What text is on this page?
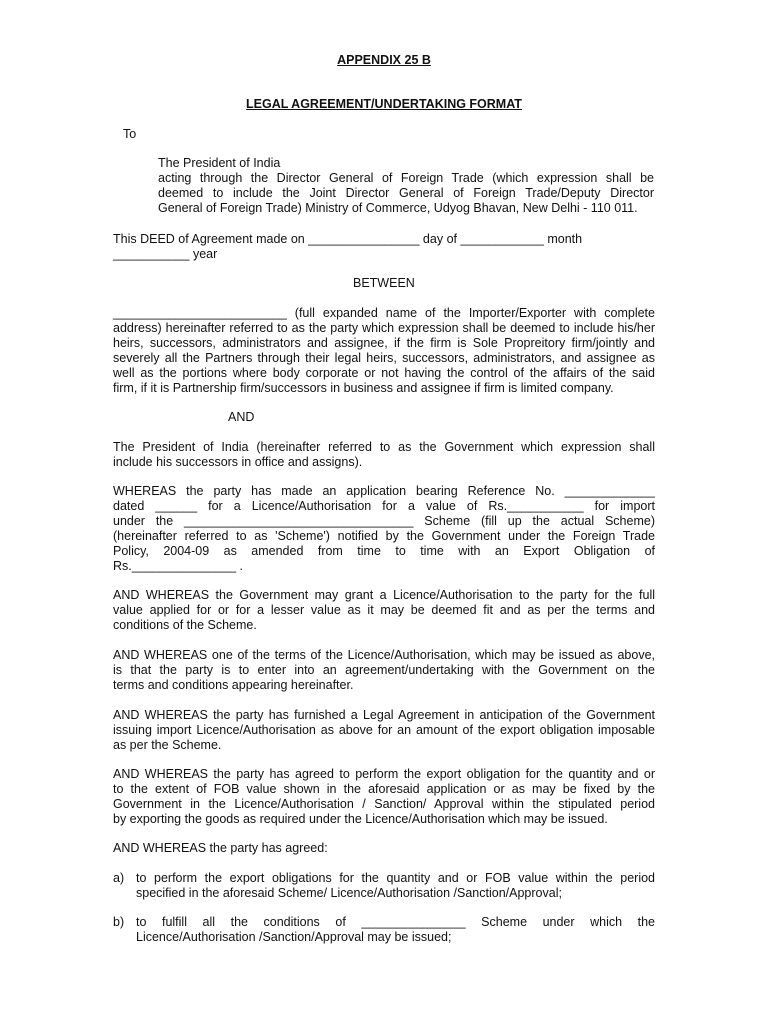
APPENDIX 25 B
LEGAL AGREEMENT/UNDERTAKING FORMAT
To
The President of India
acting through the Director General of Foreign Trade (which expression shall be
deemed to include the Joint Director General of Foreign Trade/Deputy Director
General of Foreign Trade) Ministry of Commerce, Udyog Bhavan, New Delhi - 110 011.
This DEED of Agreement made on ________________ day of ____________ month
___________ year
BETWEEN
_________________________ (full expanded name of the Importer/Exporter with complete
address) hereinafter referred to as the party which expression shall be deemed to include his/her
heirs, successors, administrators and assignee, if the firm is Sole Propreitory firm/jointly and
severely all the Partners through their legal heirs, successors, administrators, and assignee as
well as the portions where body corporate or not having the control of the affairs of the said
firm, if it is Partnership firm/successors in business and assignee if firm is limited company.
AND
The President of India (hereinafter referred to as the Government which expression shall
include his successors in office and assigns).
WHEREAS the party has made an application bearing Reference No. _____________
dated ______ for a Licence/Authorisation for a value of Rs.___________ for import
under the _________________________________ Scheme (fill up the actual Scheme)
(hereinafter referred to as 'Scheme') notified by the Government under the Foreign Trade
Policy, 2004-09 as amended from time to time with an Export Obligation of
Rs._______________ .
AND WHEREAS the Government may grant a Licence/Authorisation to the party for the full
value applied for or for a lesser value as it may be deemed fit and as per the terms and
conditions of the Scheme.
AND WHEREAS one of the terms of the Licence/Authorisation, which may be issued as above,
is that the party is to enter into an agreement/undertaking with the Government on the
terms and conditions appearing hereinafter.
AND WHEREAS the party has furnished a Legal Agreement in anticipation of the Government
issuing import Licence/Authorisation as above for an amount of the export obligation imposable
as per the Scheme.
AND WHEREAS the party has agreed to perform the export obligation for the quantity and or
to the extent of FOB value shown in the aforesaid application or as may be fixed by the
Government in the Licence/Authorisation / Sanction/ Approval within the stipulated period
by exporting the goods as required under the Licence/Authorisation which may be issued.
AND WHEREAS the party has agreed:
a) to perform the export obligations for the quantity and or FOB value within the period
specified in the aforesaid Scheme/ Licence/Authorisation /Sanction/Approval;
b) to fulfill all the conditions of _______________ Scheme under which the
Licence/Authorisation /Sanction/Approval may be issued;
